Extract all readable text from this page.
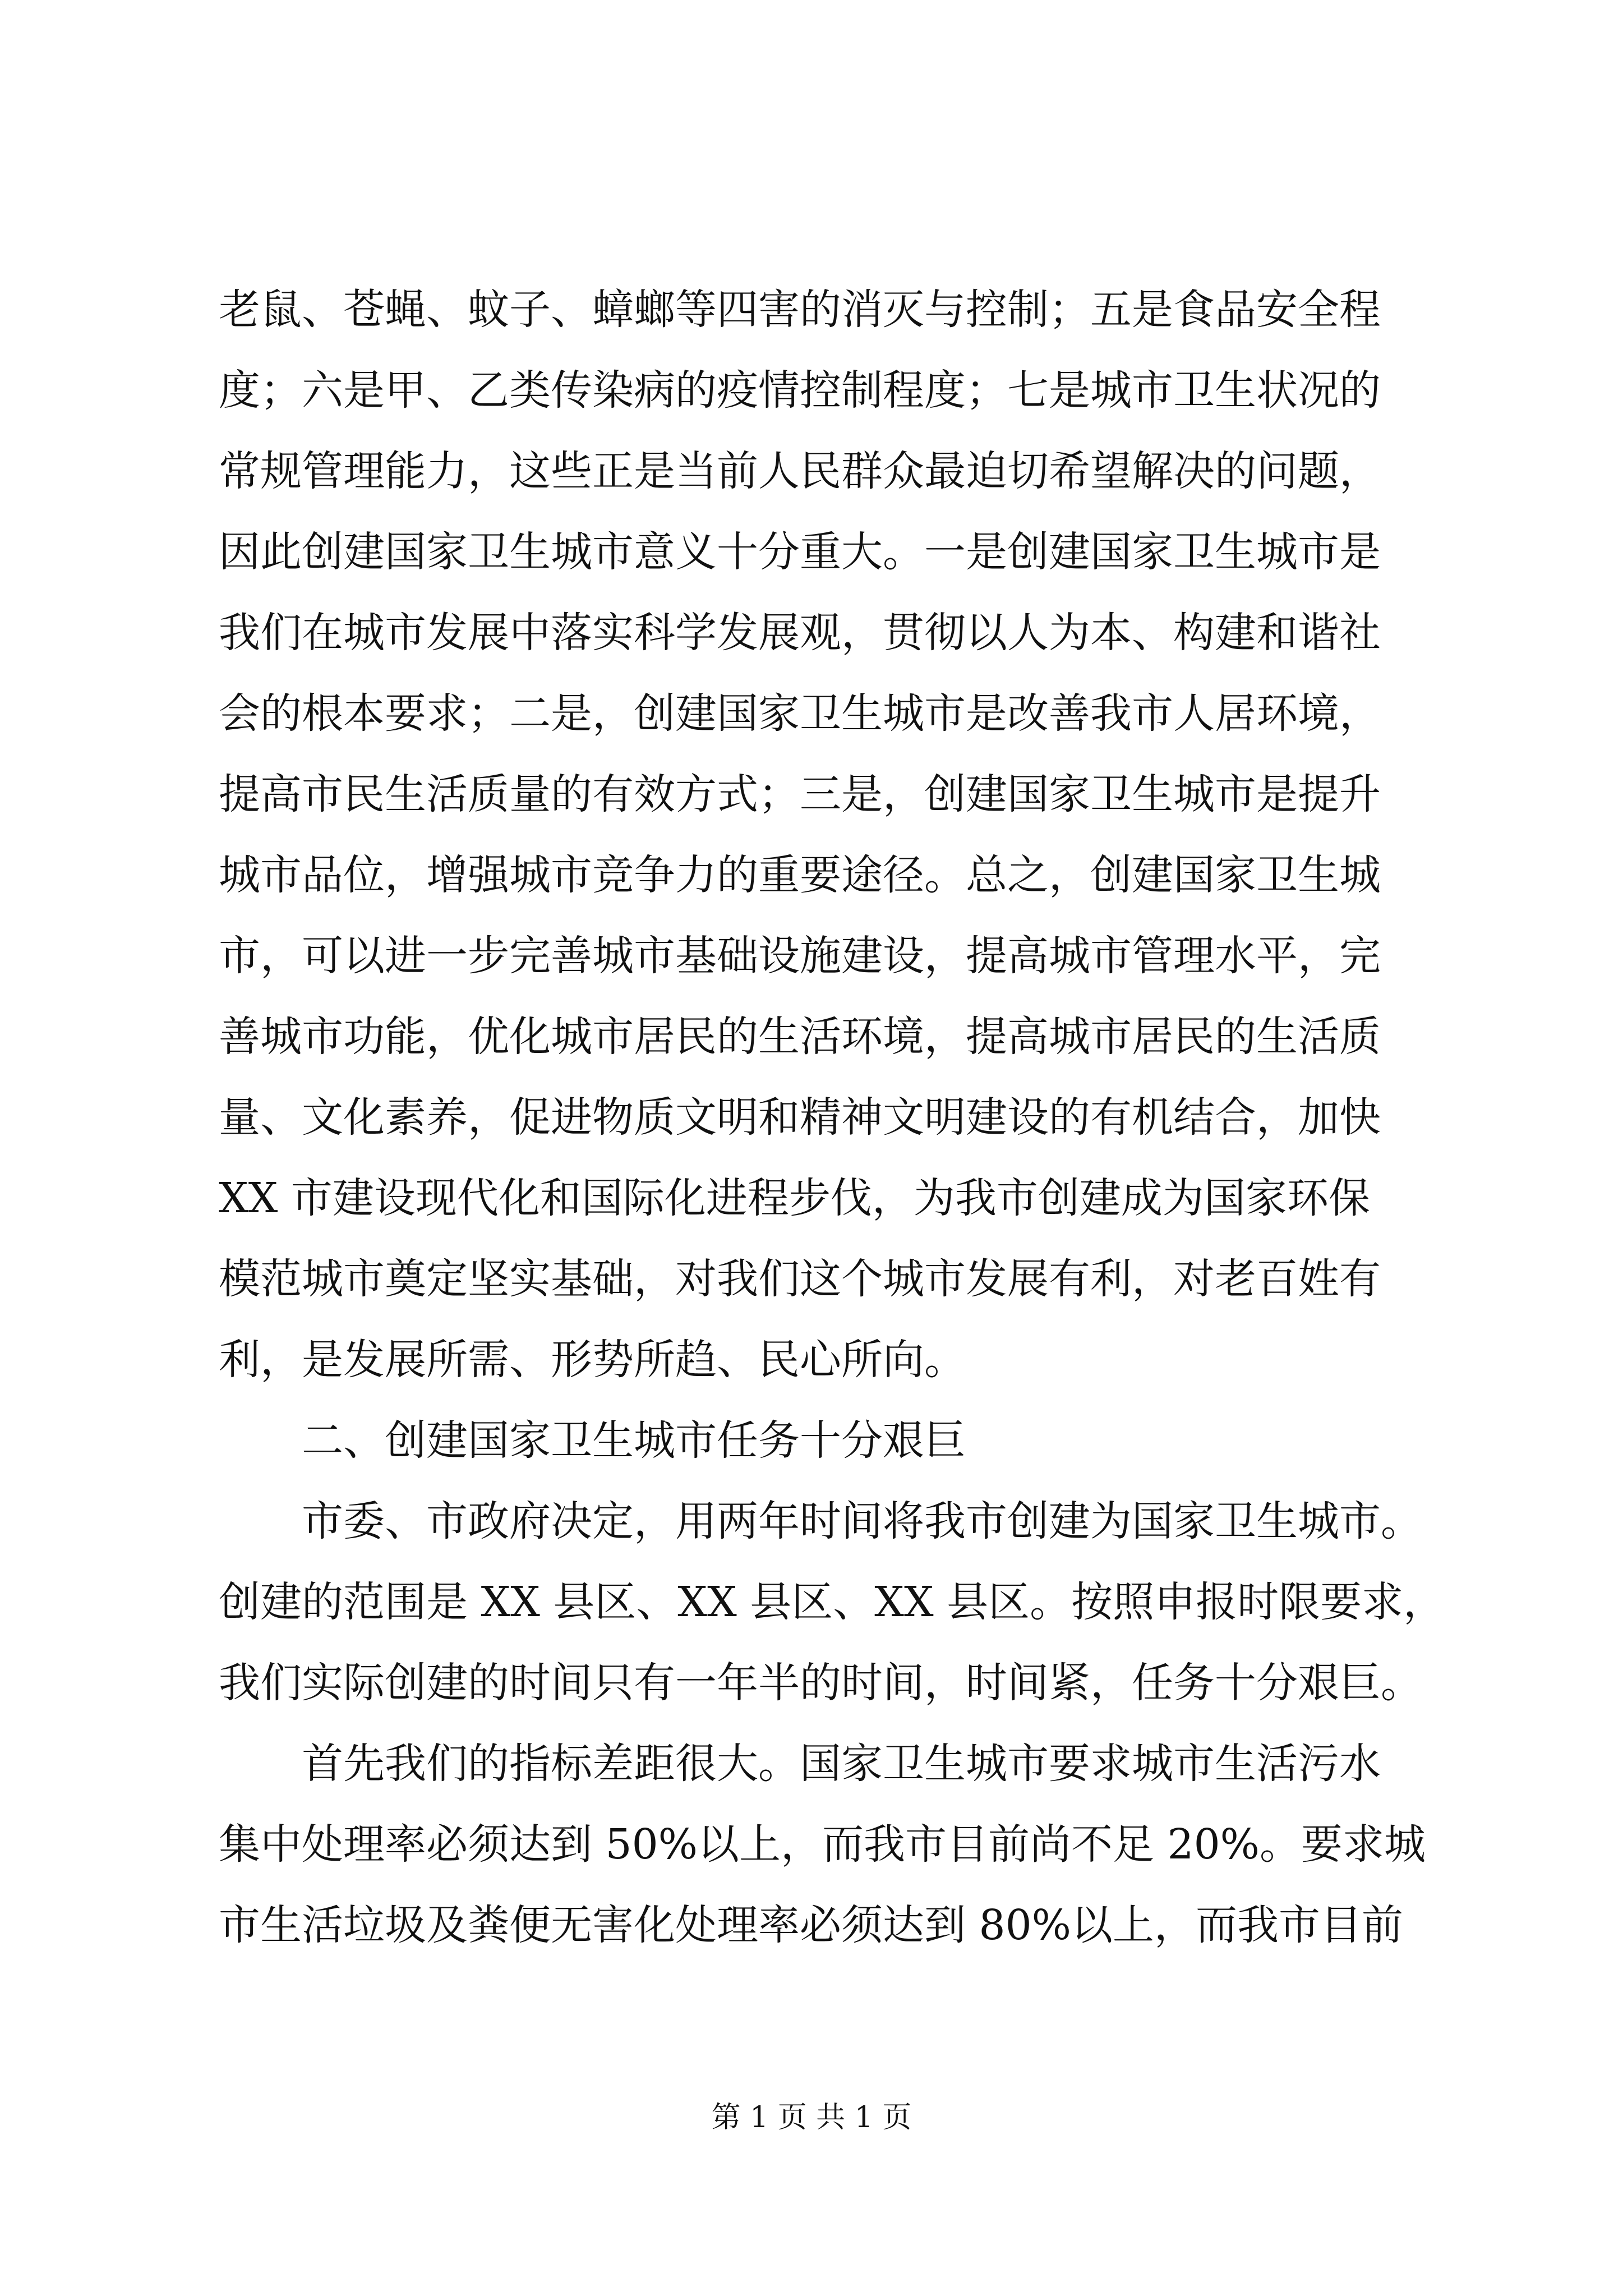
老鼠、苍蝇、蚊子、蟑螂等四害的消灭与控制；五是食品安全程
度；六是甲、乙类传染病的疫情控制程度；七是城市卫生状况的
常规管理能力，这些正是当前人民群众最迫切希望解决的问题，
因此创建国家卫生城市意义十分重大。一是创建国家卫生城市是
我们在城市发展中落实科学发展观，贯彻以人为本、构建和谐社
会的根本要求；二是，创建国家卫生城市是改善我市人居环境，
提高市民生活质量的有效方式；三是，创建国家卫生城市是提升
城市品位，增强城市竞争力的重要途径。总之，创建国家卫生城
市，可以进一步完善城市基础设施建设，提高城市管理水平，完
善城市功能，优化城市居民的生活环境，提高城市居民的生活质
量、文化素养，促进物质文明和精神文明建设的有机结合，加快
XX 市建设现代化和国际化进程步伐，为我市创建成为国家环保
模范城市奠定坚实基础，对我们这个城市发展有利，对老百姓有
利，是发展所需、形势所趋、民心所向。
二、创建国家卫生城市任务十分艰巨
市委、市政府决定，用两年时间将我市创建为国家卫生城市。
创建的范围是 XX 县区、XX 县区、XX 县区。按照申报时限要求，
我们实际创建的时间只有一年半的时间，时间紧，任务十分艰巨。
首先我们的指标差距很大。国家卫生城市要求城市生活污水
集中处理率必须达到 50%以上，而我市目前尚不足 20%。要求城
市生活垃圾及粪便无害化处理率必须达到 80%以上，而我市目前
第 1 页 共 1 页
